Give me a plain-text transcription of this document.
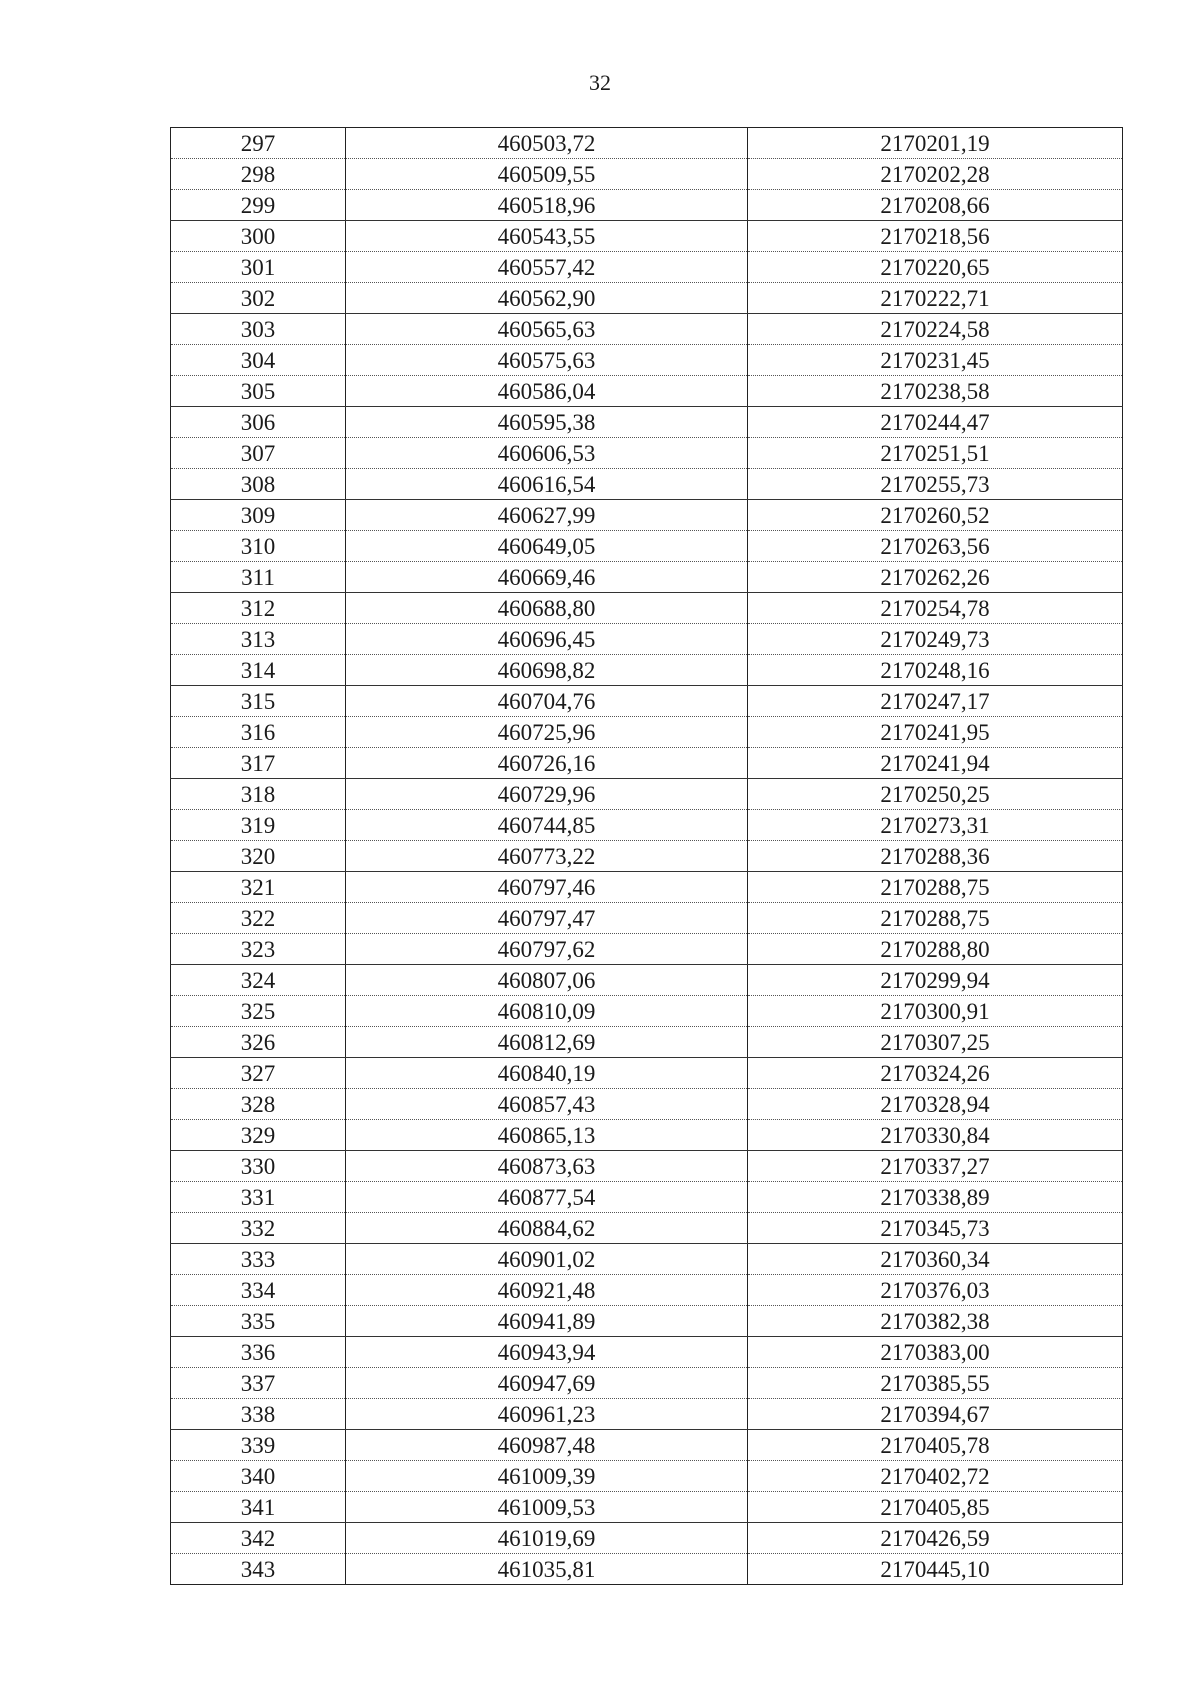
32
297	460503,72	2170201,19
298	460509,55	2170202,28
299	460518,96	2170208,66
300	460543,55	2170218,56
301	460557,42	2170220,65
302	460562,90	2170222,71
303	460565,63	2170224,58
304	460575,63	2170231,45
305	460586,04	2170238,58
306	460595,38	2170244,47
307	460606,53	2170251,51
308	460616,54	2170255,73
309	460627,99	2170260,52
310	460649,05	2170263,56
311	460669,46	2170262,26
312	460688,80	2170254,78
313	460696,45	2170249,73
314	460698,82	2170248,16
315	460704,76	2170247,17
316	460725,96	2170241,95
317	460726,16	2170241,94
318	460729,96	2170250,25
319	460744,85	2170273,31
320	460773,22	2170288,36
321	460797,46	2170288,75
322	460797,47	2170288,75
323	460797,62	2170288,80
324	460807,06	2170299,94
325	460810,09	2170300,91
326	460812,69	2170307,25
327	460840,19	2170324,26
328	460857,43	2170328,94
329	460865,13	2170330,84
330	460873,63	2170337,27
331	460877,54	2170338,89
332	460884,62	2170345,73
333	460901,02	2170360,34
334	460921,48	2170376,03
335	460941,89	2170382,38
336	460943,94	2170383,00
337	460947,69	2170385,55
338	460961,23	2170394,67
339	460987,48	2170405,78
340	461009,39	2170402,72
341	461009,53	2170405,85
342	461019,69	2170426,59
343	461035,81	2170445,10
